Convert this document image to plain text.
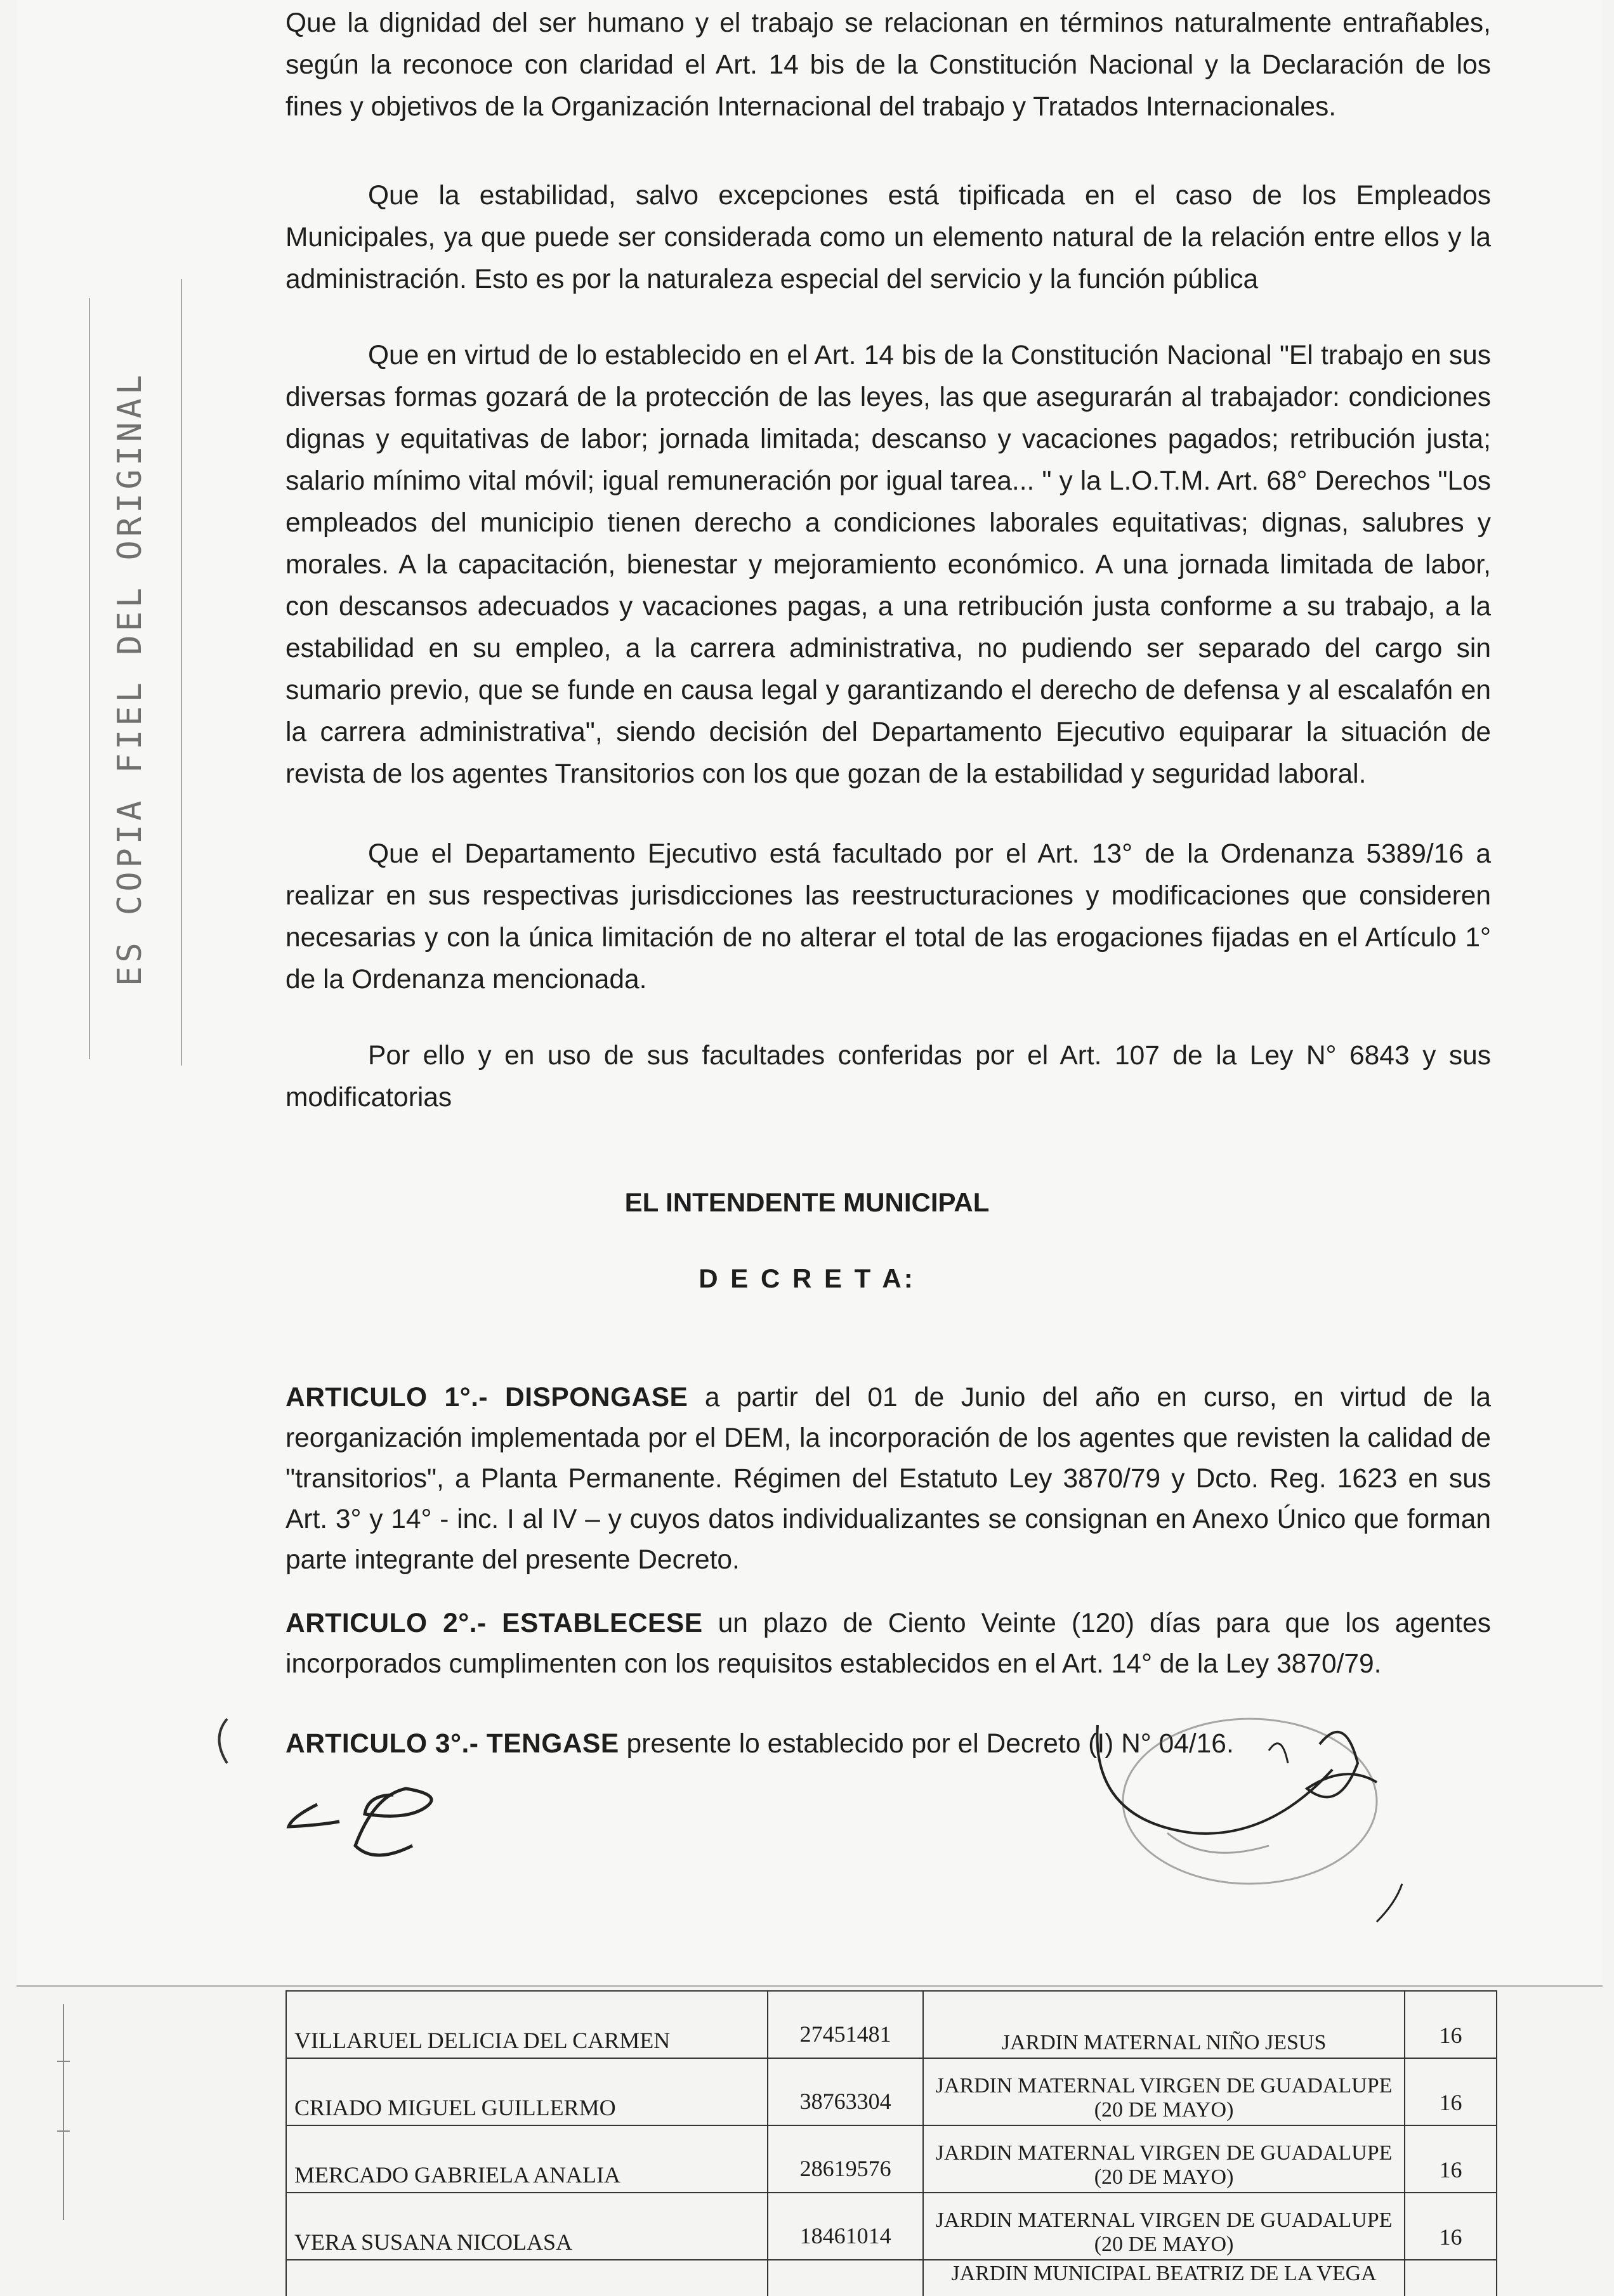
ES COPIA FIEL DEL ORIGINAL

Que la dignidad del ser humano y el trabajo se relacionan en términos naturalmente entrañables, según la reconoce con claridad el Art. 14 bis de la Constitución Nacional y la Declaración de los fines y objetivos de la Organización Internacional del trabajo y Tratados Internacionales.

Que la estabilidad, salvo excepciones está tipificada en el caso de los Empleados Municipales, ya que puede ser considerada como un elemento natural de la relación entre ellos y la administración. Esto es por la naturaleza especial del servicio y la función pública

Que en virtud de lo establecido en el Art. 14 bis de la Constitución Nacional "El trabajo en sus diversas formas gozará de la protección de las leyes, las que asegurarán al trabajador: condiciones dignas y equitativas de labor; jornada limitada; descanso y vacaciones pagados; retribución justa; salario mínimo vital móvil; igual remuneración por igual tarea... " y la L.O.T.M. Art. 68° Derechos "Los empleados del municipio tienen derecho a condiciones laborales equitativas; dignas, salubres y morales. A la capacitación, bienestar y mejoramiento económico. A una jornada limitada de labor, con descansos adecuados y vacaciones pagas, a una retribución justa conforme a su trabajo, a la estabilidad en su empleo, a la carrera administrativa, no pudiendo ser separado del cargo sin sumario previo, que se funde en causa legal y garantizando el derecho de defensa y al escalafón en la carrera administrativa", siendo decisión del Departamento Ejecutivo equiparar la situación de revista de los agentes Transitorios con los que gozan de la estabilidad y seguridad laboral.

Que el Departamento Ejecutivo está facultado por el Art. 13° de la Ordenanza 5389/16 a realizar en sus respectivas jurisdicciones las reestructuraciones y modificaciones que consideren necesarias y con la única limitación de no alterar el total de las erogaciones fijadas en el Artículo 1° de la Ordenanza mencionada.

Por ello y en uso de sus facultades conferidas por el Art. 107 de la Ley N° 6843 y sus modificatorias

EL INTENDENTE MUNICIPAL
D E C R E T A:

ARTICULO 1°.- DISPONGASE a partir del 01 de Junio del año en curso, en virtud de la reorganización implementada por el DEM, la incorporación de los agentes que revisten la calidad de "transitorios", a Planta Permanente. Régimen del Estatuto Ley 3870/79 y Dcto. Reg. 1623 en sus Art. 3° y 14° - inc. I al IV – y cuyos datos individualizantes se consignan en Anexo Único que forman parte integrante del presente Decreto.

ARTICULO 2°.- ESTABLECESE un plazo de Ciento Veinte (120) días para que los agentes incorporados cumplimenten con los requisitos establecidos en el Art. 14° de la Ley 3870/79.

ARTICULO 3°.- TENGASE presente lo establecido por el Decreto (I) N° 04/16.

VILLARUEL DELICIA DEL CARMEN	27451481	JARDIN MATERNAL NIÑO JESUS	16
CRIADO MIGUEL GUILLERMO	38763304	JARDIN MATERNAL VIRGEN DE GUADALUPE (20 DE MAYO)	16
MERCADO GABRIELA ANALIA	28619576	JARDIN MATERNAL VIRGEN DE GUADALUPE (20 DE MAYO)	16
VERA SUSANA NICOLASA	18461014	JARDIN MATERNAL VIRGEN DE GUADALUPE (20 DE MAYO)	16
		JARDIN MUNICIPAL BEATRIZ DE LA VEGA	
